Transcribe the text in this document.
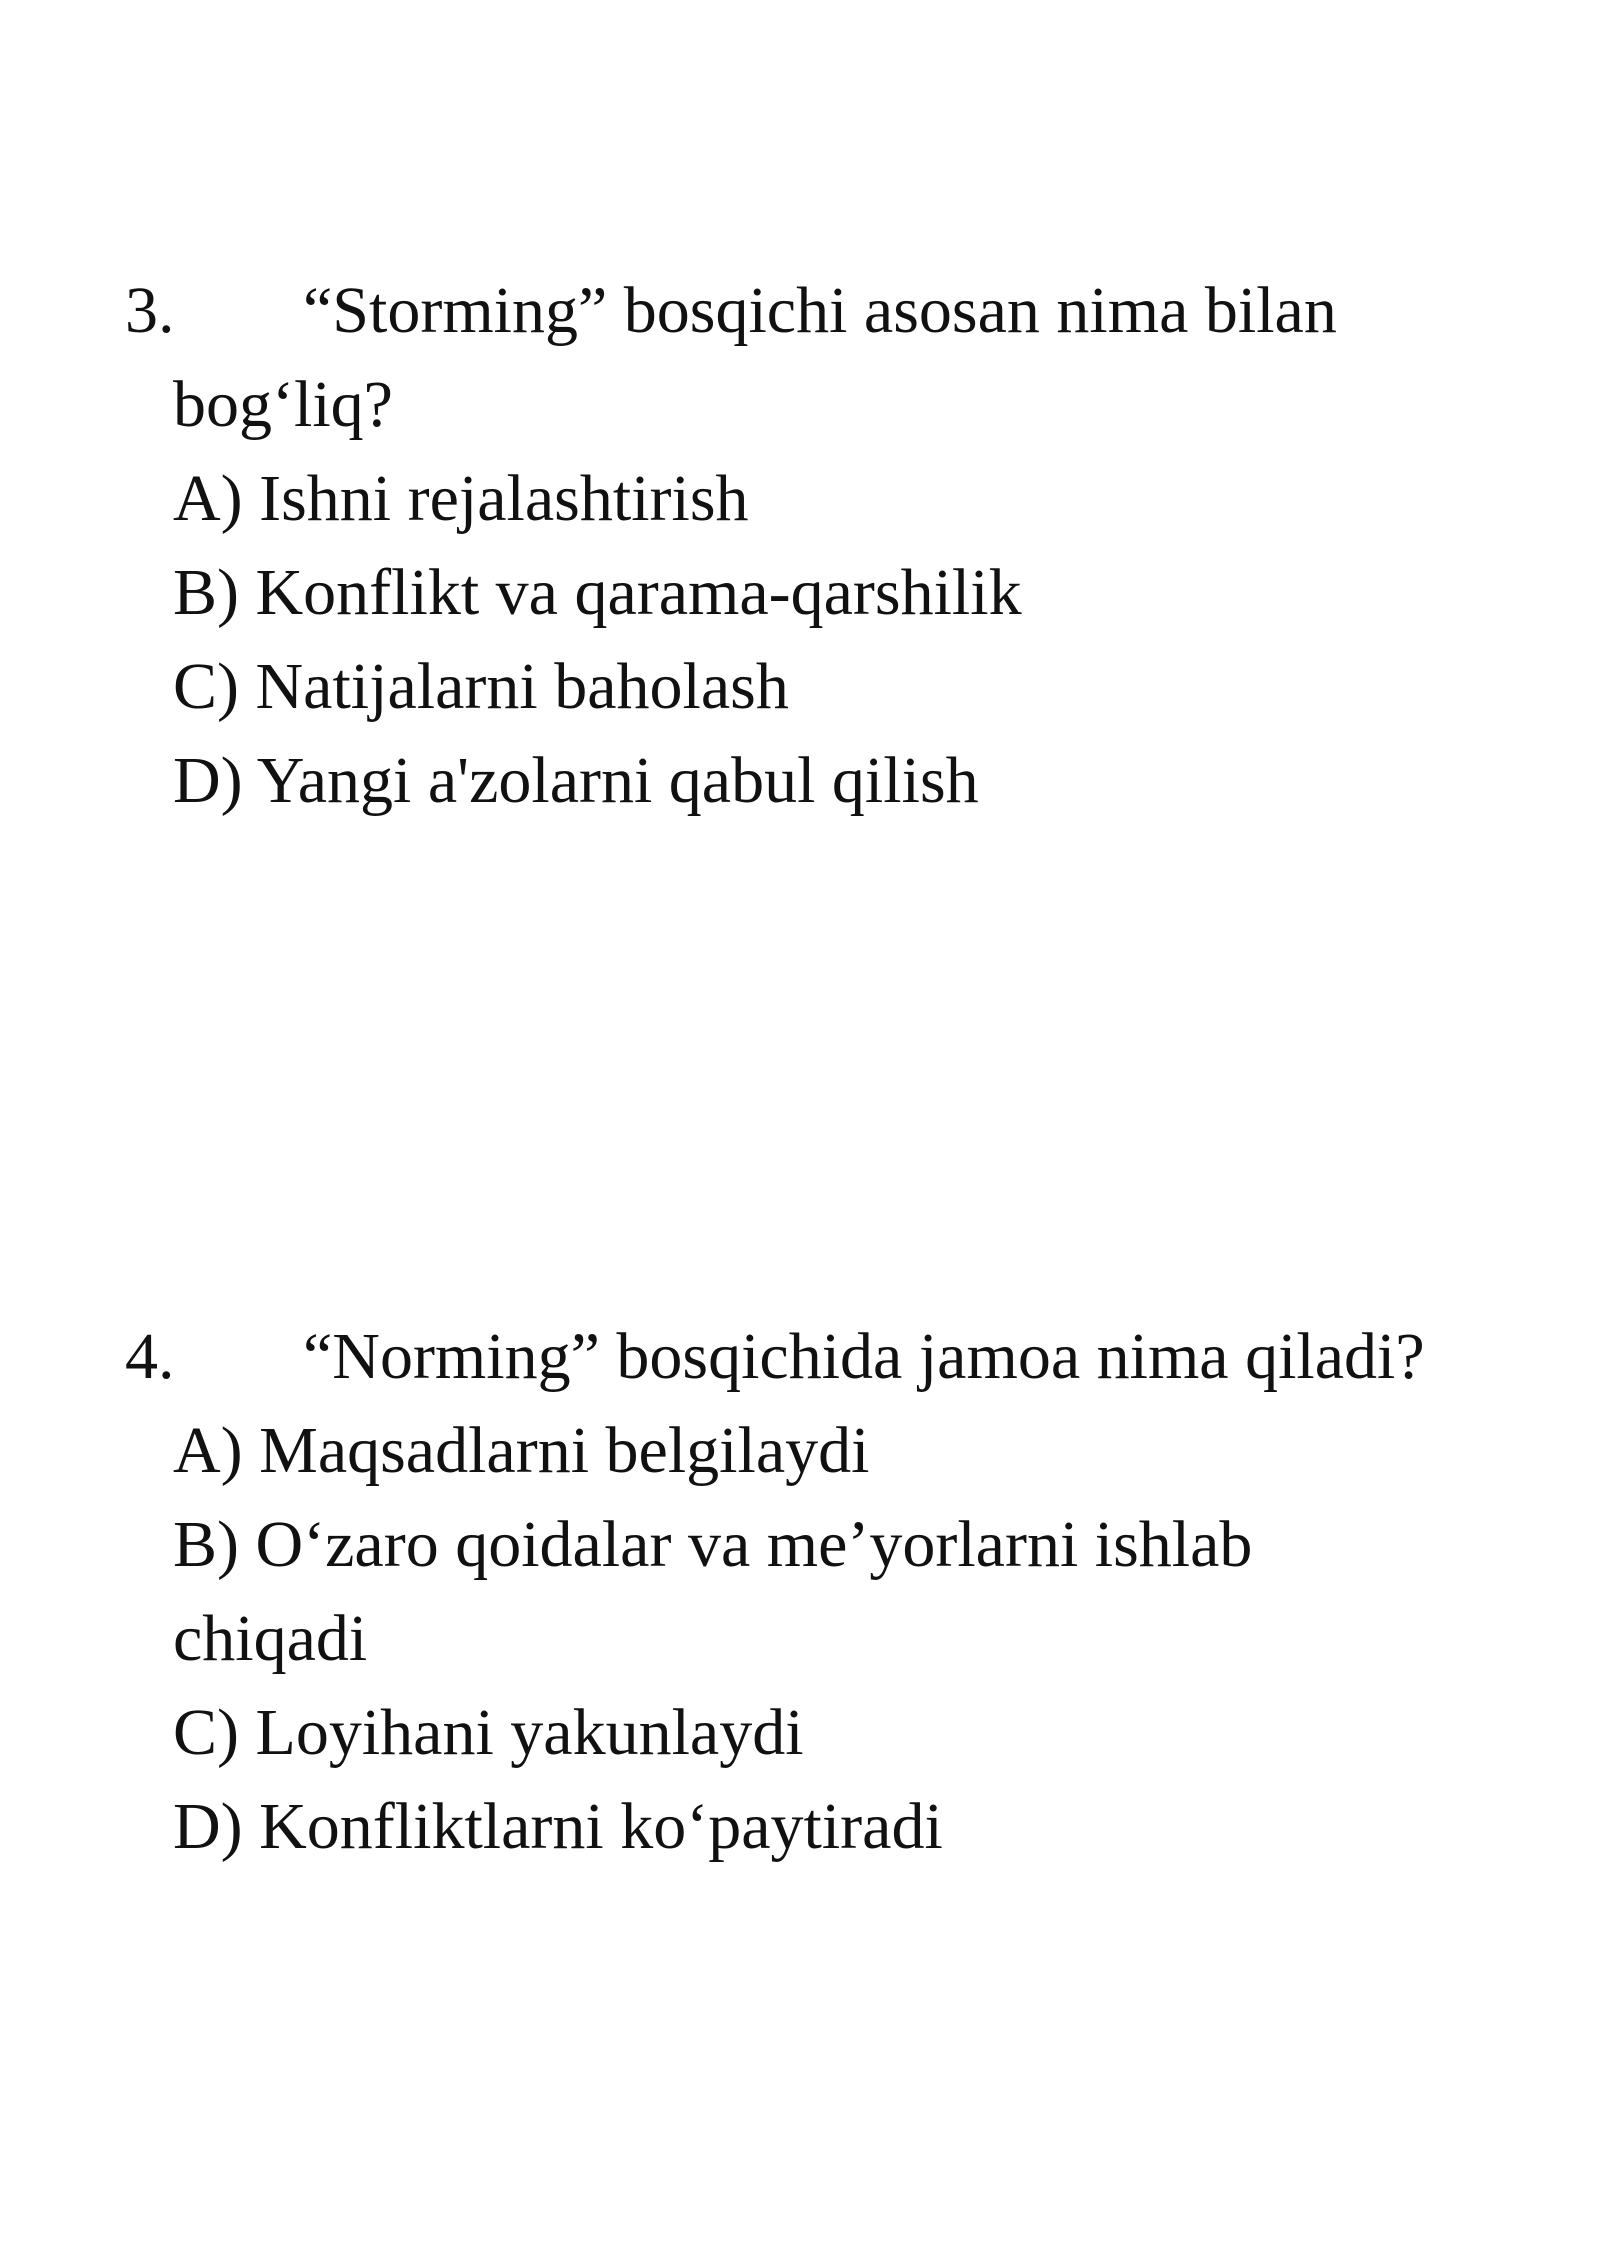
3.	“Storming” bosqichi asosan nima bilan bog‘liq?
A) Ishni rejalashtirish
B) Konflikt va qarama-qarshilik
C) Natijalarni baholash
D) Yangi a'zolarni qabul qilish
4.	“Norming” bosqichida jamoa nima qiladi?
A) Maqsadlarni belgilaydi
B) O‘zaro qoidalar va me’yorlarni ishlab chiqadi
C) Loyihani yakunlaydi
D) Konfliktlarni ko‘paytiradi
